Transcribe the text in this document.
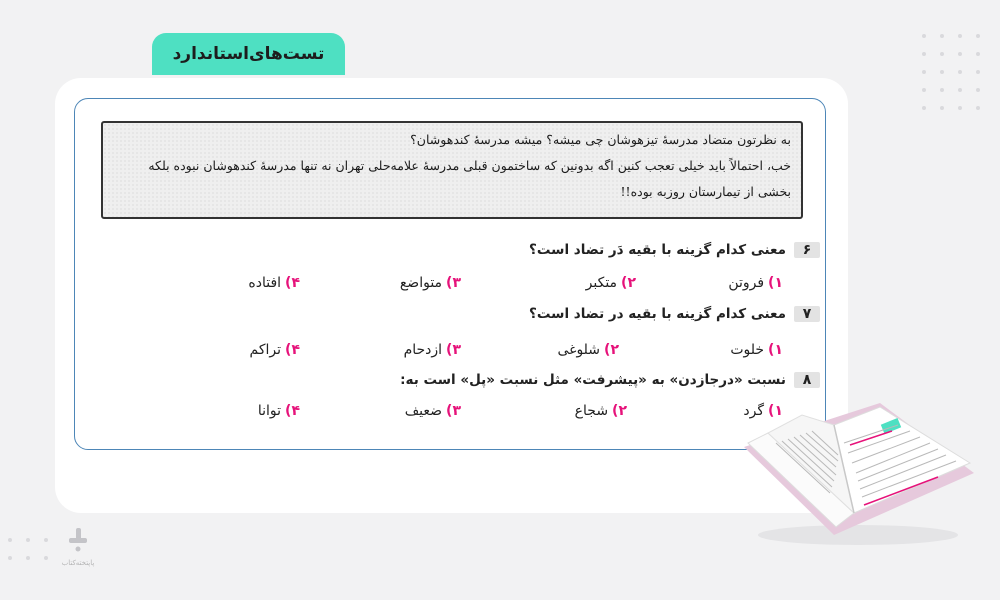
تست‌های‌استاندارد
به نظرتون متضاد مدرسهٔ تیزهوشان چی میشه؟ میشه مدرسهٔ کندهوشان؟
خب، احتمالاً باید خیلی تعجب کنین اگه بدونین که ساختمون قبلی مدرسهٔ علامه‌حلی تهران نه تنها مدرسهٔ کندهوشان نبوده بلکه
بخشی از تیمارستان روزبه بوده!!
۶
معنی کدام گزینه با بقیه دَر تضاد است؟
۱)فروتن
۲)متکبر
۳)متواضع
۴)افتاده
۷
معنی کدام گزینه با بقیه در تضاد است؟
۱)خلوت
۲)شلوغی
۳)ازدحام
۴)تراکم
۸
نسبت «درجازدن» به «پیشرفت» مثل نسبت «پل» است به:
۱)گرد
۲)شجاع
۳)ضعیف
۴)توانا
پاپتخته‌کتاب
